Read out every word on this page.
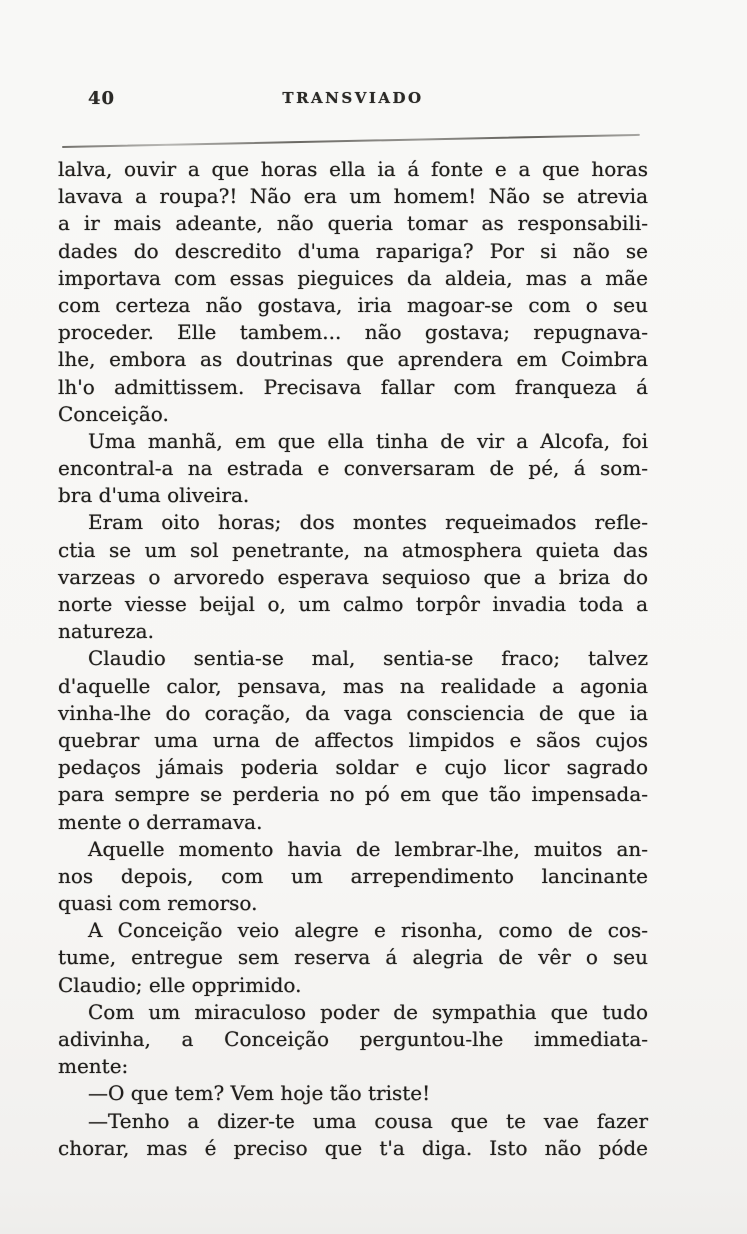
40	TRANSVIADO
lalva, ouvir a que horas ella ia á fonte e a que horas
lavava a roupa?! Não era um homem! Não se atrevia
a ir mais adeante, não queria tomar as responsabili-
dades do descredito d'uma rapariga? Por si não se
importava com essas pieguices da aldeia, mas a mãe
com certeza não gostava, iria magoar-se com o seu
proceder. Elle tambem... não gostava; repugnava-
lhe, embora as doutrinas que aprendera em Coimbra
lh'o admittissem. Precisava fallar com franqueza á
Conceição.
Uma manhã, em que ella tinha de vir a Alcofa, foi
encontral-a na estrada e conversaram de pé, á som-
bra d'uma oliveira.
Eram oito horas; dos montes requeimados refle-
ctia se um sol penetrante, na atmosphera quieta das
varzeas o arvoredo esperava sequioso que a briza do
norte viesse beijal o, um calmo torpôr invadia toda a
natureza.
Claudio sentia-se mal, sentia-se fraco; talvez
d'aquelle calor, pensava, mas na realidade a agonia
vinha-lhe do coração, da vaga consciencia de que ia
quebrar uma urna de affectos limpidos e sãos cujos
pedaços jámais poderia soldar e cujo licor sagrado
para sempre se perderia no pó em que tão impensada-
mente o derramava.
Aquelle momento havia de lembrar-lhe, muitos an-
nos depois, com um arrependimento lancinante
quasi com remorso.
A Conceição veio alegre e risonha, como de cos-
tume, entregue sem reserva á alegria de vêr o seu
Claudio; elle opprimido.
Com um miraculoso poder de sympathia que tudo
adivinha, a Conceição perguntou-lhe immediata-
mente:
—O que tem? Vem hoje tão triste!
—Tenho a dizer-te uma cousa que te vae fazer
chorar, mas é preciso que t'a diga. Isto não póde
